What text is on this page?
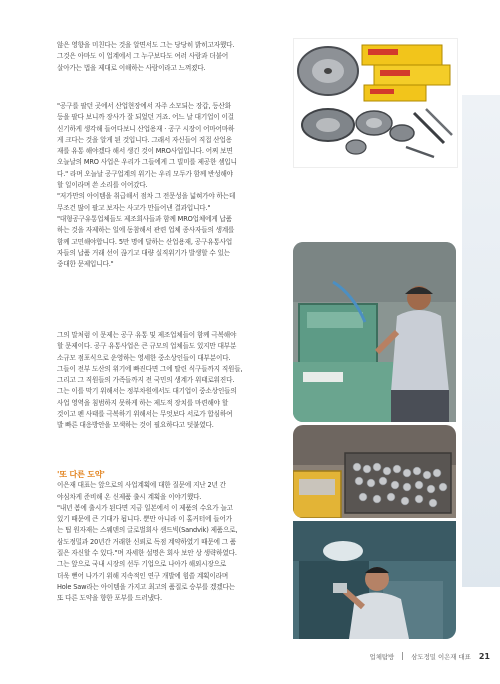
않은 영향을 미친다는 것을 알면서도 그는 당당히 밝히고자했다.

그것은 아마도 이 업계에서 그 누구보다도 여러 사람과 더불어

살아가는 법을 제대로 이해하는 사람이라고 느껴졌다.

"공구를 팔던 곳에서 산업현장에서 자주 소모되는 장갑, 등산화

등을 팔다 보니까 장사가 잘 되었던 거죠. 어느 날 대기업이 이걸

신기하게 생각해 들어다보니 산업용재 · 공구 시장이 어마어마하

게 크다는 것을 알게 된 것입니다. 그래서 자신들이 직접 산업용

재를 유통 해야겠다 해서 생긴 것이 MRO사업입니다. 어찌 보면

오늘날의 MRO 사업은 우리가 그들에게 그 빌미를 제공한 셈입니

다." 라며 오늘날 공구업계의 위기는 우리 모두가 함께 반성해야

할 일이라며 쓴 소리를 이어갔다.

"저가만의 아이템을 취급해서 점차 그 전문성을 넓혀가야 하는데

무조건 많이 팔고 보자는 사고가 만들어낸 결과입니다."

"대형공구유통업체들도 제조회사들과 함께 MRO업체에게 납품

하는 것을 자제하는 일에 동참해서 관련 업체 종사자들의 생계를

함께 고민해야합니다. 5만 명에 달하는 산업용재, 공구유통사업

자들의 납품 거래 선이 끊기고 대량 실직위기가 발생할 수 있는

중대한 문제입니다."

그의 말처럼 이 문제는 공구 유통 및 제조업체들이 함께 극복해야

할 문제이다. 공구 유통사업은 큰 규모의 업체들도 있지만 대부분

소규모 점포식으로 운영하는 영세한 중소상인들이 대부분이다.

그들이 전부 도산의 위기에 빠진다면 그에 딸린 식구들까지 직원들,

그리고 그 직원들의 가족들까지 전 국민의 생계가 위태로워진다.

그는 이를 막기 위해서는 정부차원에서도 대기업이 중소상인들의

사업 영역을 침범하지 못하게 하는 제도적 장치를 마련해야 할

것이고 펜 사태를 극복하기 위해서는 무엇보다 서로가 합심하여

발 빠른 대응방안을 모색하는 것이 필요하다고 덧붙였다.

'또 다른 도약'

이은재 대표는 앞으로의 사업계획에 대한 질문에 지난 2년 간

야심차게 준비해 온 신제품 출시 계획을 이야기했다.

"내년 봄에 출시가 된다면 지금 일본에서 이 제품의 수요가 늘고

있기 때문에 큰 기대가 됩니다. 뿐만 아니라 이 홀커터에 들어가

는 팁 원자재는 스웨덴의 글로벌회사 샌드빅(Sandvik) 제품으로,

삼도정밀과 20년간 거래한 신뢰로 독점 계약하였기 때문에 그 품

질은 자신할 수 있다."며 자세한 설명은 회사 보안 상 생략하였다.

그는 앞으로 국내 시장의 선두 기업으로 나아가 해외시장으로

더욱 뻗어 나가기 위해 지속적인 연구 개발에 힘쓸 계획이라며

Hole Saw라는 아이템을 가지고 최고의 품질로 승부를 겠겠다는

또 다른 도약을 향한 포부를 드러냈다.

업체탐방	삼도정밀 이은재 대표 21
